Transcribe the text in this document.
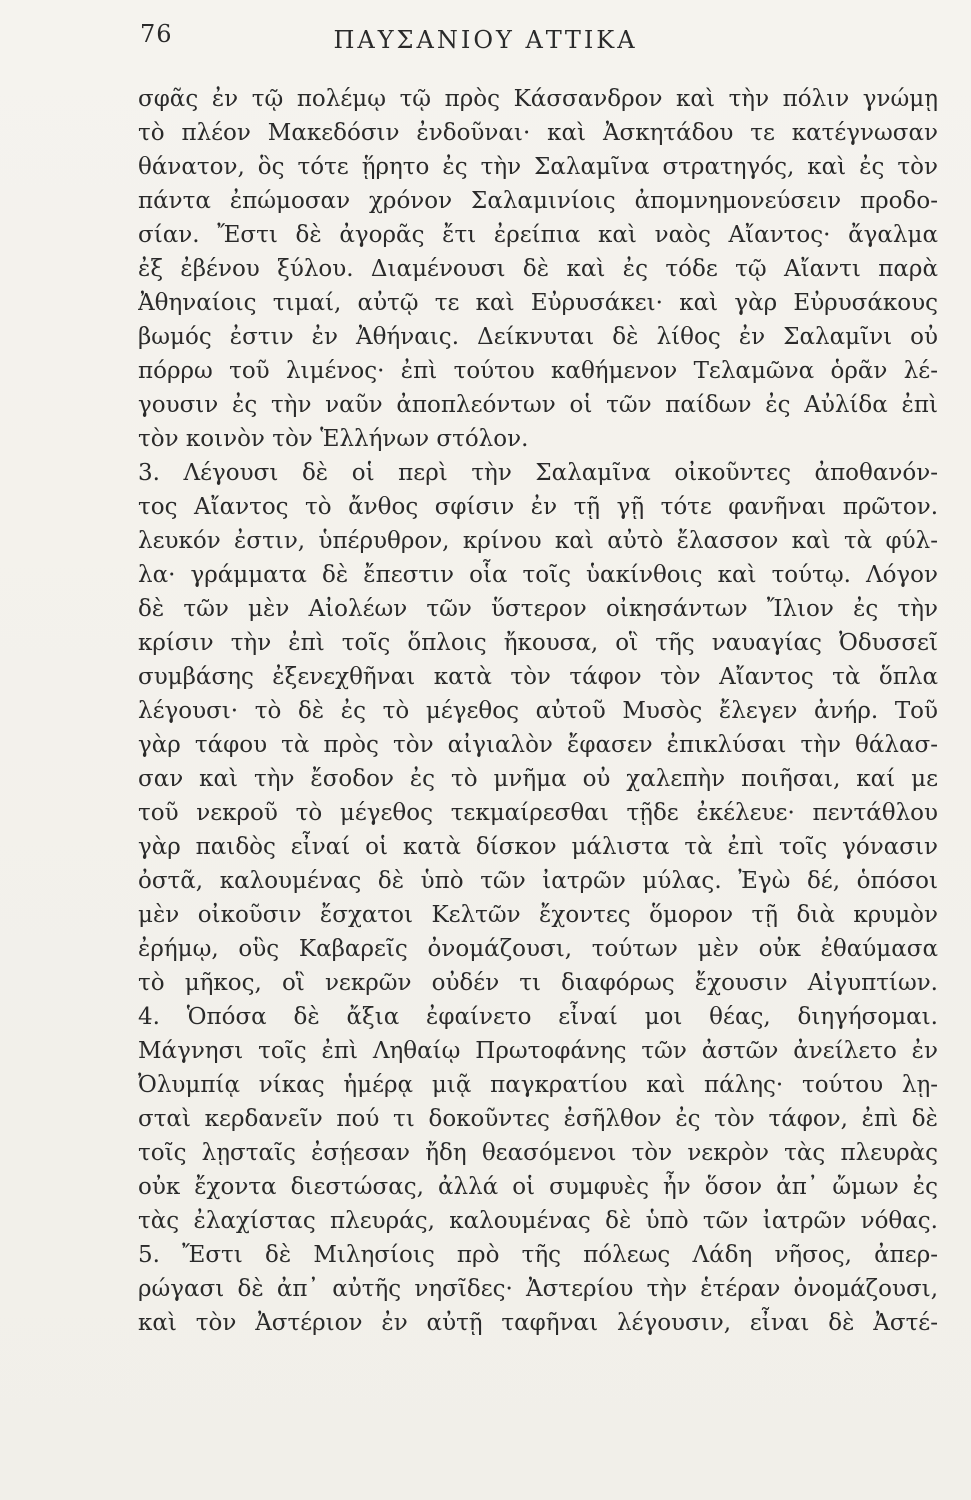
76	ΠΑΥΣΑΝΙΟΥ ΑΤΤΙΚΑ
σφᾶς ἐν τῷ πολέμῳ τῷ πρὸς Κάσσανδρον καὶ τὴν πόλιν γνώμῃ
τὸ πλέον Μακεδόσιν ἐνδοῦναι· καὶ Ἀσκητάδου τε κατέγνωσαν
θάνατον, ὃς τότε ᾕρητο ἐς τὴν Σαλαμῖνα στρατηγός, καὶ ἐς τὸν
πάντα ἐπώμοσαν χρόνον Σαλαμινίοις ἀπομνημονεύσειν προδο-
σίαν. Ἔστι δὲ ἀγορᾶς ἔτι ἐρείπια καὶ ναὸς Αἴαντος· ἄγαλμα
ἐξ ἐβένου ξύλου. Διαμένουσι δὲ καὶ ἐς τόδε τῷ Αἴαντι παρὰ
Ἀθηναίοις τιμαί, αὐτῷ τε καὶ Εὐρυσάκει· καὶ γὰρ Εὐρυσάκους
βωμός ἐστιν ἐν Ἀθήναις. Δείκνυται δὲ λίθος ἐν Σαλαμῖνι οὐ
πόρρω τοῦ λιμένος· ἐπὶ τούτου καθήμενον Τελαμῶνα ὁρᾶν λέ-
γουσιν ἐς τὴν ναῦν ἀποπλεόντων οἱ τῶν παίδων ἐς Αὐλίδα ἐπὶ
τὸν κοινὸν τὸν Ἑλλήνων στόλον.
3. Λέγουσι δὲ οἱ περὶ τὴν Σαλαμῖνα οἰκοῦντες ἀποθανόν-
τος Αἴαντος τὸ ἄνθος σφίσιν ἐν τῇ γῇ τότε φανῆναι πρῶτον.
λευκόν ἐστιν, ὑπέρυθρον, κρίνου καὶ αὐτὸ ἔλασσον καὶ τὰ φύλ-
λα· γράμματα δὲ ἔπεστιν οἷα τοῖς ὑακίνθοις καὶ τούτῳ. Λόγον
δὲ τῶν μὲν Αἰολέων τῶν ὕστερον οἰκησάντων Ἴλιον ἐς τὴν
κρίσιν τὴν ἐπὶ τοῖς ὅπλοις ἤκουσα, οἳ τῆς ναυαγίας Ὀδυσσεῖ
συμβάσης ἐξενεχθῆναι κατὰ τὸν τάφον τὸν Αἴαντος τὰ ὅπλα
λέγουσι· τὸ δὲ ἐς τὸ μέγεθος αὐτοῦ Μυσὸς ἔλεγεν ἀνήρ. Τοῦ
γὰρ τάφου τὰ πρὸς τὸν αἰγιαλὸν ἔφασεν ἐπικλύσαι τὴν θάλασ-
σαν καὶ τὴν ἔσοδον ἐς τὸ μνῆμα οὐ χαλεπὴν ποιῆσαι, καί με
τοῦ νεκροῦ τὸ μέγεθος τεκμαίρεσθαι τῇδε ἐκέλευε· πεντάθλου
γὰρ παιδὸς εἶναί οἱ κατὰ δίσκον μάλιστα τὰ ἐπὶ τοῖς γόνασιν
ὀστᾶ, καλουμένας δὲ ὑπὸ τῶν ἰατρῶν μύλας. Ἐγὼ δέ, ὁπόσοι
μὲν οἰκοῦσιν ἔσχατοι Κελτῶν ἔχοντες ὅμορον τῇ διὰ κρυμὸν
ἐρήμῳ, οὓς Καβαρεῖς ὀνομάζουσι, τούτων μὲν οὐκ ἐθαύμασα
τὸ μῆκος, οἳ νεκρῶν οὐδέν τι διαφόρως ἔχουσιν Αἰγυπτίων.
4. Ὁπόσα δὲ ἄξια ἐφαίνετο εἶναί μοι θέας, διηγήσομαι.
Μάγνησι τοῖς ἐπὶ Ληθαίῳ Πρωτοφάνης τῶν ἀστῶν ἀνείλετο ἐν
Ὀλυμπίᾳ νίκας ἡμέρᾳ μιᾷ παγκρατίου καὶ πάλης· τούτου λῃ-
σταὶ κερδανεῖν πού τι δοκοῦντες ἐσῆλθον ἐς τὸν τάφον, ἐπὶ δὲ
τοῖς λῃσταῖς ἐσῄεσαν ἤδη θεασόμενοι τὸν νεκρὸν τὰς πλευρὰς
οὐκ ἔχοντα διεστώσας, ἀλλά οἱ συμφυὲς ἦν ὅσον ἀπ᾽ ὤμων ἐς
τὰς ἐλαχίστας πλευράς, καλουμένας δὲ ὑπὸ τῶν ἰατρῶν νόθας.
5. Ἔστι δὲ Μιλησίοις πρὸ τῆς πόλεως Λάδη νῆσος, ἀπερ-
ρώγασι δὲ ἀπ᾽ αὐτῆς νησῖδες· Ἀστερίου τὴν ἑτέραν ὀνομάζουσι,
καὶ τὸν Ἀστέριον ἐν αὐτῇ ταφῆναι λέγουσιν, εἶναι δὲ Ἀστέ-
